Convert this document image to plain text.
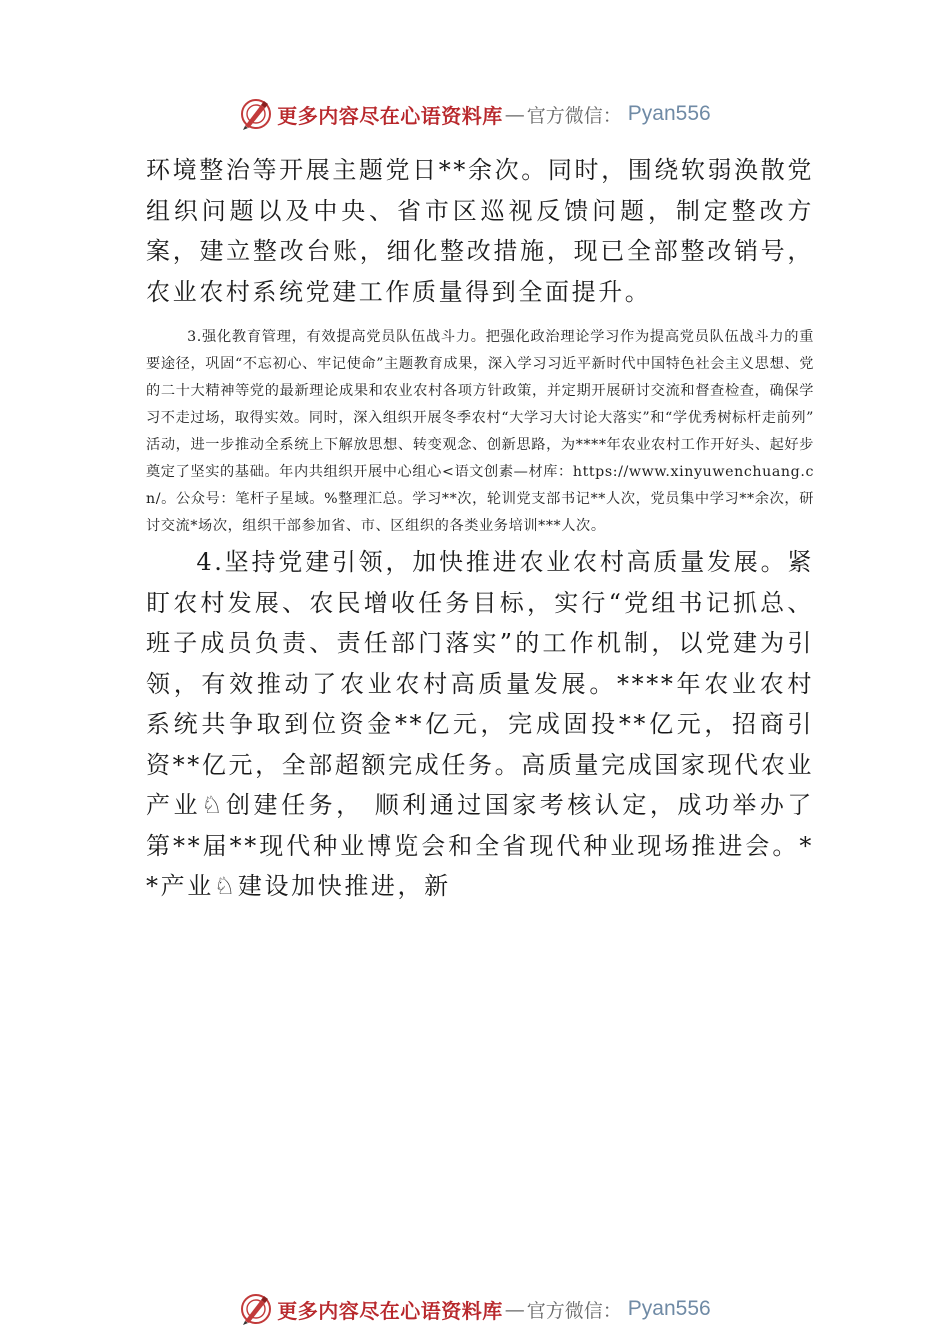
更多内容尽在心语资料库 — 官方微信： Pyan556

环境整治等开展主题党日**余次。同时，围绕软弱涣散党组织问题以及中央、省市区巡视反馈问题，制定整改方案，建立整改台账，细化整改措施，现已全部整改销号，农业农村系统党建工作质量得到全面提升。

3.强化教育管理，有效提高党员队伍战斗力。把强化政治理论学习作为提高党员队伍战斗力的重要途径，巩固“不忘初心、牢记使命”主题教育成果，深入学习习近平新时代中国特色社会主义思想、党的二十大精神等党的最新理论成果和农业农村各项方针政策，并定期开展研讨交流和督查检查，确保学习不走过场，取得实效。同时，深入组织开展冬季农村“大学习大讨论大落实”和“学优秀树标杆走前列” 活动，进一步推动全系统上下解放思想、转变观念、创新思路，为****年农业农村工作开好头、起好步奠定了坚实的基础。年内共组织开展中心组心<语文创素—材库：https://www.xinyuwenchuang.cn/。公众号：笔杆子星域。%整理汇总。学习**次，轮训党支部书记**人次，党员集中学习**余次，研讨交流*场次，组织干部参加省、市、区组织的各类业务培训***人次。

4.坚持党建引领，加快推进农业农村高质量发展。紧盯农村发展、农民增收任务目标，实行“党组书记抓总、班子成员负责、责任部门落实”的工作机制，以党建为引领，有效推动了农业农村高质量发展。****年农业农村系统共争取到位资金**亿元，完成固投**亿元，招商引资**亿元，全部超额完成任务。高质量完成国家现代农业产业♘创建任务， 顺利通过国家考核认定，成功举办了第**届**现代种业博览会和全省现代种业现场推进会。**产业♘建设加快推进，新

更多内容尽在心语资料库 — 官方微信： Pyan556
